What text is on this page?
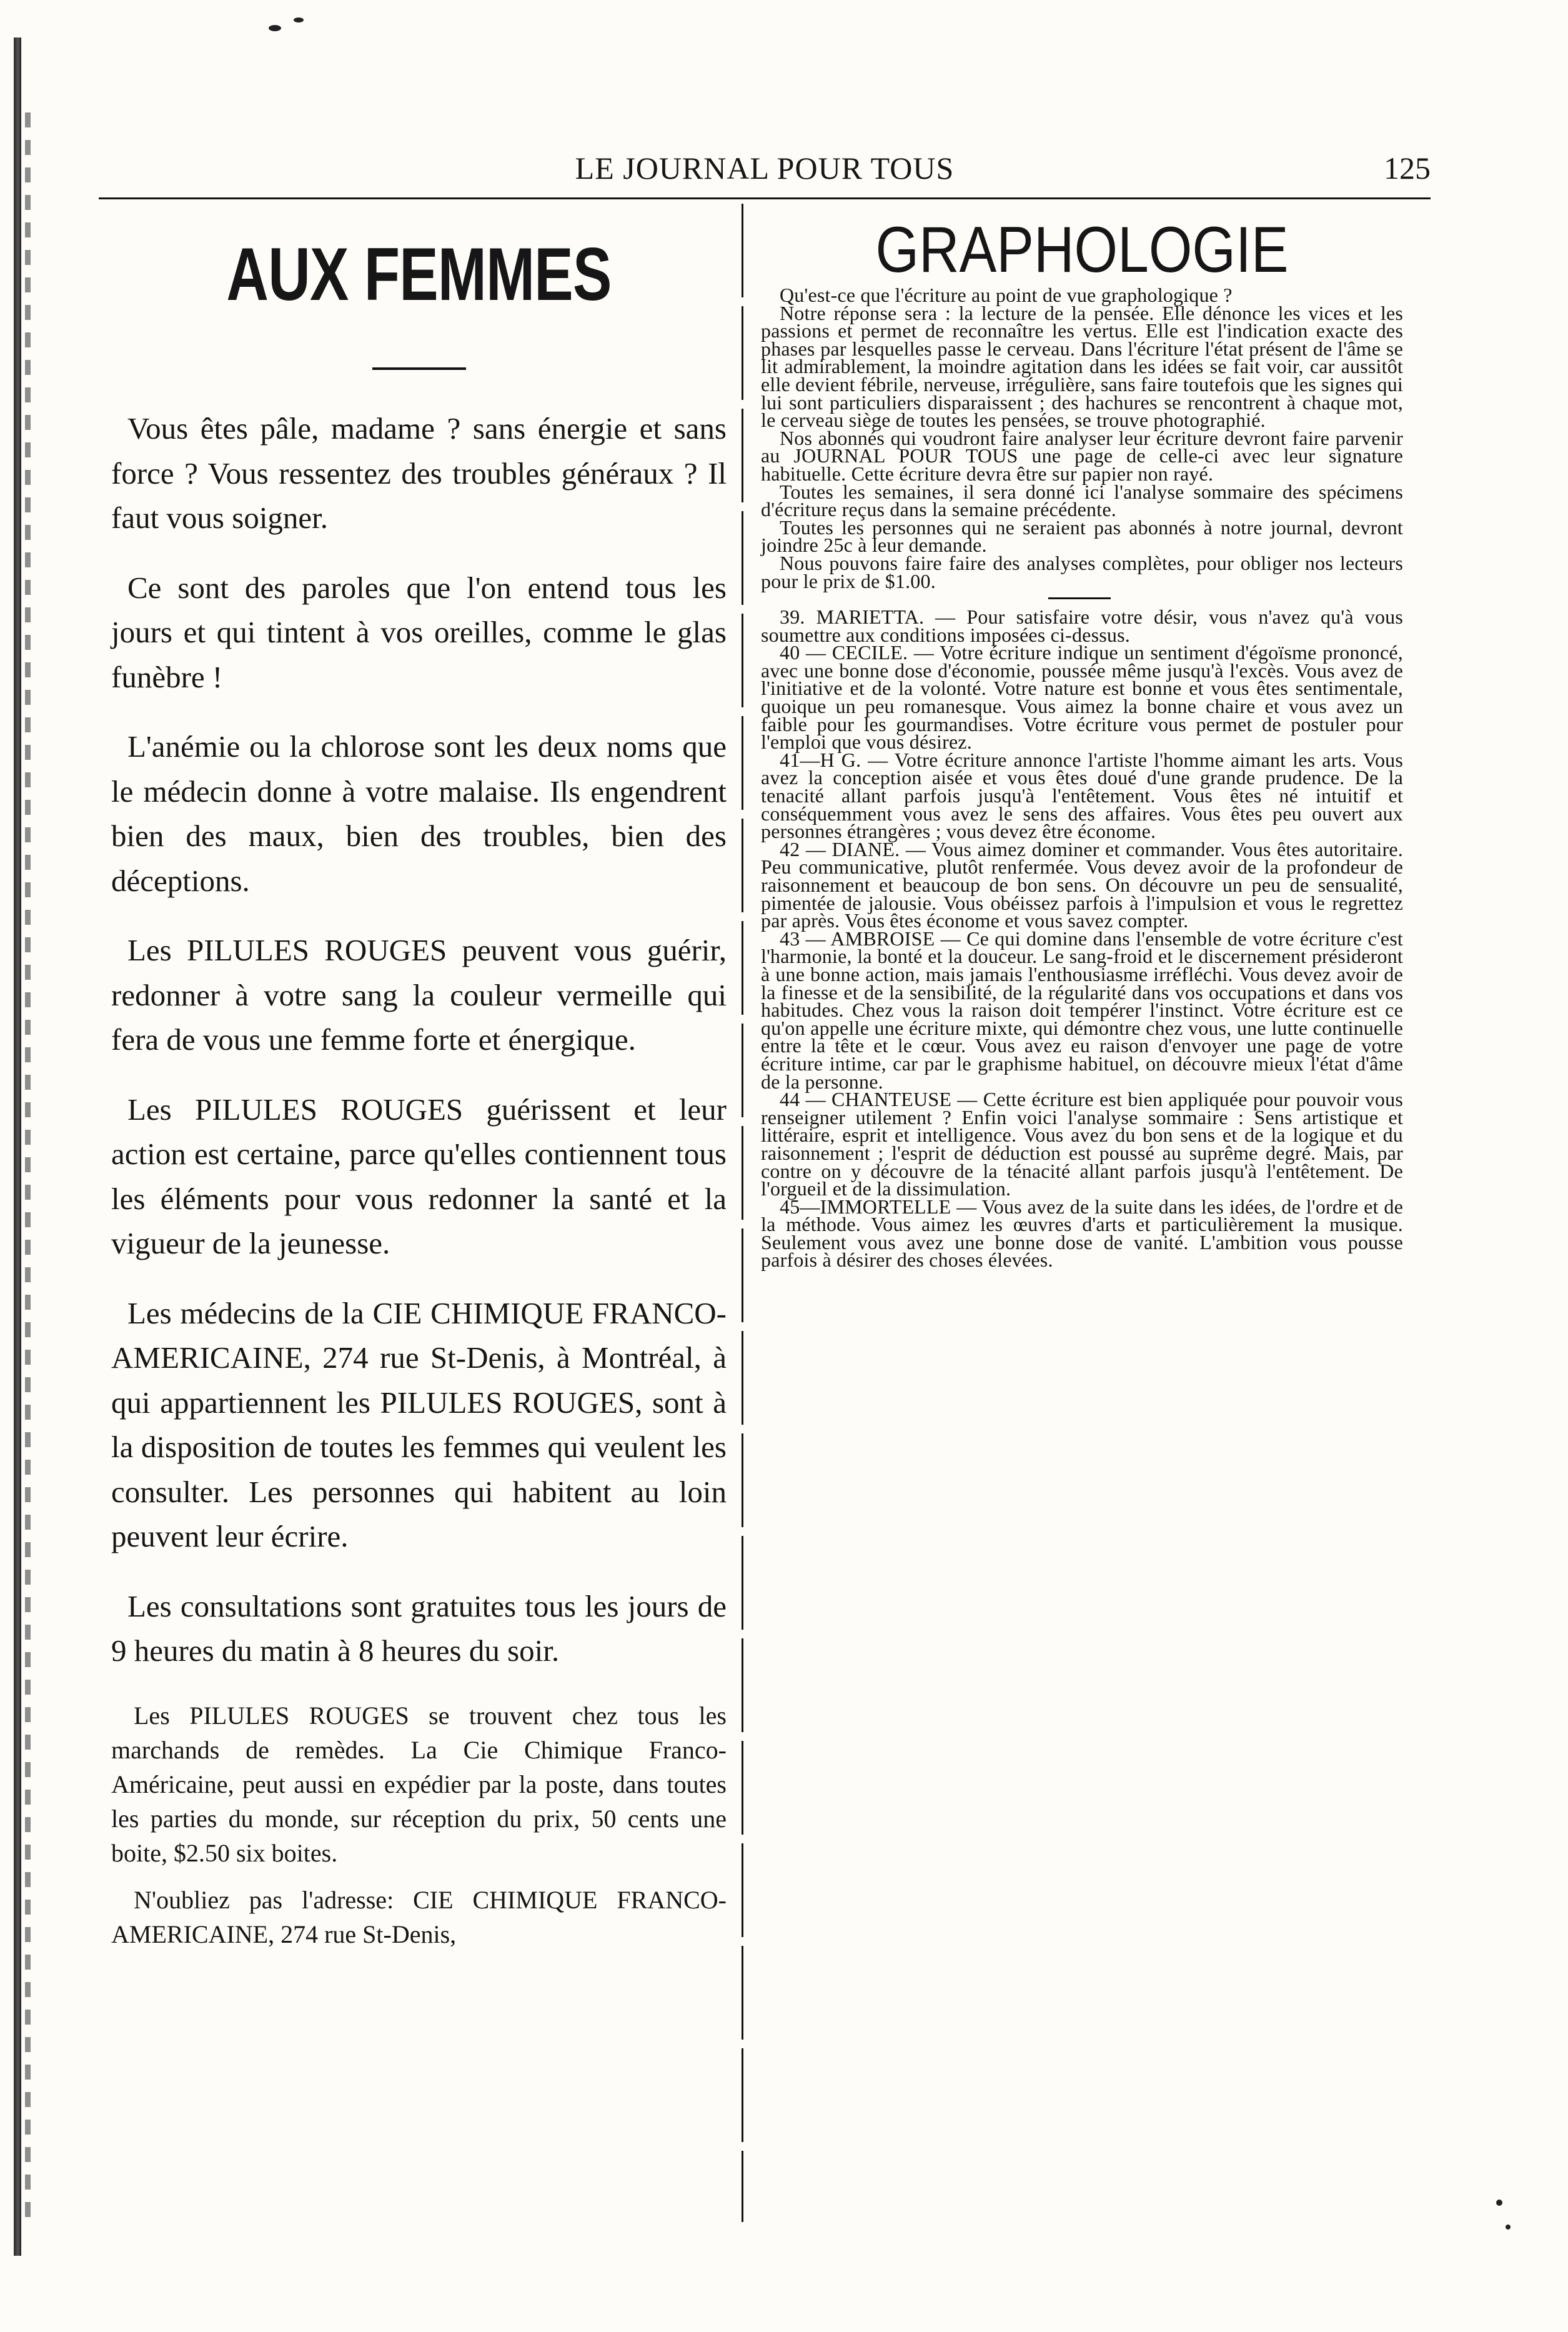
LE JOURNAL POUR TOUS	125
AUX FEMMES

Vous êtes pâle, madame ? sans énergie et sans force ? Vous ressentez des troubles généraux ? Il faut vous soigner.

Ce sont des paroles que l'on entend tous les jours et qui tintent à vos oreilles, comme le glas funèbre !

L'anémie ou la chlorose sont les deux noms que le médecin donne à votre malaise. Ils engendrent bien des maux, bien des troubles, bien des déceptions.

Les PILULES ROUGES peuvent vous guérir, redonner à votre sang la couleur vermeille qui fera de vous une femme forte et énergique.

Les PILULES ROUGES guérissent et leur action est certaine, parce qu'elles contiennent tous les éléments pour vous redonner la santé et la vigueur de la jeunesse.

Les médecins de la CIE CHIMIQUE FRANCO-AMERICAINE, 274 rue St-Denis, à Montréal, à qui appartiennent les PILULES ROUGES, sont à la disposition de toutes les femmes qui veulent les consulter. Les personnes qui habitent au loin peuvent leur écrire.

Les consultations sont gratuites tous les jours de 9 heures du matin à 8 heures du soir.

Les PILULES ROUGES se trouvent chez tous les marchands de remèdes. La Cie Chimique Franco-Américaine, peut aussi en expédier par la poste, dans toutes les parties du monde, sur réception du prix, 50 cents une boite, $2.50 six boites.

N'oubliez pas l'adresse: CIE CHIMIQUE FRANCO-AMERICAINE, 274 rue St-Denis,

GRAPHOLOGIE

Qu'est-ce que l'écriture au point de vue graphologique ?

Notre réponse sera : la lecture de la pensée. Elle dénonce les vices et les passions et permet de reconnaître les vertus. Elle est l'indication exacte des phases par lesquelles passe le cerveau. Dans l'écriture l'état présent de l'âme se lit admirablement, la moindre agitation dans les idées se fait voir, car aussitôt elle devient fébrile, nerveuse, irrégulière, sans faire toutefois que les signes qui lui sont particuliers disparaissent ; des hachures se rencontrent à chaque mot, le cerveau siège de toutes les pensées, se trouve photographié.

Nos abonnés qui voudront faire analyser leur écriture devront faire parvenir au JOURNAL POUR TOUS une page de celle-ci avec leur signature habituelle. Cette écriture devra être sur papier non rayé.

Toutes les semaines, il sera donné ici l'analyse sommaire des spécimens d'écriture reçus dans la semaine précédente.

Toutes les personnes qui ne seraient pas abonnés à notre journal, devront joindre 25c à leur demande.

Nous pouvons faire faire des analyses complètes, pour obliger nos lecteurs pour le prix de $1.00.

39. MARIETTA. — Pour satisfaire votre désir, vous n'avez qu'à vous soumettre aux conditions imposées ci-dessus.

40 — CECILE. — Votre écriture indique un sentiment d'égoïsme prononcé, avec une bonne dose d'économie, poussée même jusqu'à l'excès. Vous avez de l'initiative et de la volonté. Votre nature est bonne et vous êtes sentimentale, quoique un peu romanesque. Vous aimez la bonne chaire et vous avez un faible pour les gourmandises. Votre écriture vous permet de postuler pour l'emploi que vous désirez.

41—H G. — Votre écriture annonce l'artiste l'homme aimant les arts. Vous avez la conception aisée et vous êtes doué d'une grande prudence. De la tenacité allant parfois jusqu'à l'entêtement. Vous êtes né intuitif et conséquemment vous avez le sens des affaires. Vous êtes peu ouvert aux personnes étrangères ; vous devez être économe.

42 — DIANE. — Vous aimez dominer et commander. Vous êtes autoritaire. Peu communicative, plutôt renfermée. Vous devez avoir de la profondeur de raisonnement et beaucoup de bon sens. On découvre un peu de sensualité, pimentée de jalousie. Vous obéissez parfois à l'impulsion et vous le regrettez par après. Vous êtes économe et vous savez compter.

43 — AMBROISE — Ce qui domine dans l'ensemble de votre écriture c'est l'harmonie, la bonté et la douceur. Le sang-froid et le discernement présideront à une bonne action, mais jamais l'enthousiasme irréfléchi. Vous devez avoir de la finesse et de la sensibilité, de la régularité dans vos occupations et dans vos habitudes. Chez vous la raison doit tempérer l'instinct. Votre écriture est ce qu'on appelle une écriture mixte, qui démontre chez vous, une lutte continuelle entre la tête et le cœur. Vous avez eu raison d'envoyer une page de votre écriture intime, car par le graphisme habituel, on découvre mieux l'état d'âme de la personne.

44 — CHANTEUSE — Cette écriture est bien appliquée pour pouvoir vous renseigner utilement ? Enfin voici l'analyse sommaire : Sens artistique et littéraire, esprit et intelligence. Vous avez du bon sens et de la logique et du raisonnement ; l'esprit de déduction est poussé au suprême degré. Mais, par contre on y découvre de la ténacité allant parfois jusqu'à l'entêtement. De l'orgueil et de la dissimulation.

45—IMMORTELLE — Vous avez de la suite dans les idées, de l'ordre et de la méthode. Vous aimez les œuvres d'arts et particulièrement la musique. Seulement vous avez une bonne dose de vanité. L'ambition vous pousse parfois à désirer des choses élevées.
